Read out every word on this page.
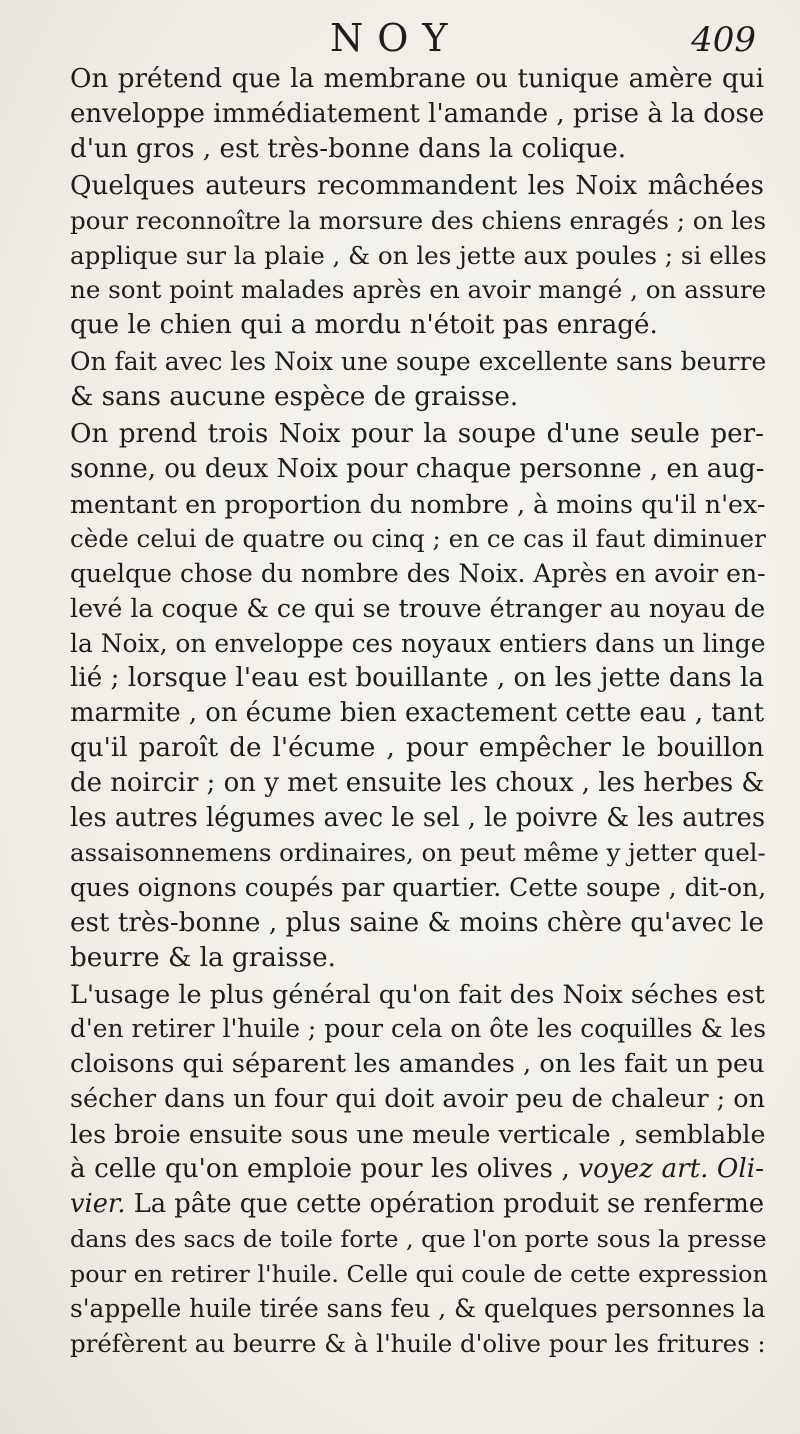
NOY	409

On prétend que la membrane ou tunique amère qui
enveloppe immédiatement l'amande , prise à la dose
d'un gros , est très-bonne dans la colique.

Quelques auteurs recommandent les Noix mâchées
pour reconnoître la morsure des chiens enragés ; on les
applique sur la plaie , & on les jette aux poules ; si elles
ne sont point malades après en avoir mangé , on assure
que le chien qui a mordu n'étoit pas enragé.

On fait avec les Noix une soupe excellente sans beurre
& sans aucune espèce de graisse.

On prend trois Noix pour la soupe d'une seule per-
sonne, ou deux Noix pour chaque personne , en aug-
mentant en proportion du nombre , à moins qu'il n'ex-
cède celui de quatre ou cinq ; en ce cas il faut diminuer
quelque chose du nombre des Noix. Après en avoir en-
levé la coque & ce qui se trouve étranger au noyau de
la Noix, on enveloppe ces noyaux entiers dans un linge
lié ; lorsque l'eau est bouillante , on les jette dans la
marmite , on écume bien exactement cette eau , tant
qu'il paroît de l'écume , pour empêcher le bouillon
de noircir ; on y met ensuite les choux , les herbes &
les autres légumes avec le sel , le poivre & les autres
assaisonnemens ordinaires, on peut même y jetter quel-
ques oignons coupés par quartier. Cette soupe , dit-on,
est très-bonne , plus saine & moins chère qu'avec le
beurre & la graisse.

L'usage le plus général qu'on fait des Noix séches est
d'en retirer l'huile ; pour cela on ôte les coquilles & les
cloisons qui séparent les amandes , on les fait un peu
sécher dans un four qui doit avoir peu de chaleur ; on
les broie ensuite sous une meule verticale , semblable
à celle qu'on emploie pour les olives , voyez art. Oli-
vier. La pâte que cette opération produit se renferme
dans des sacs de toile forte , que l'on porte sous la presse
pour en retirer l'huile. Celle qui coule de cette expression
s'appelle huile tirée sans feu , & quelques personnes la
préfèrent au beurre & à l'huile d'olive pour les fritures :
